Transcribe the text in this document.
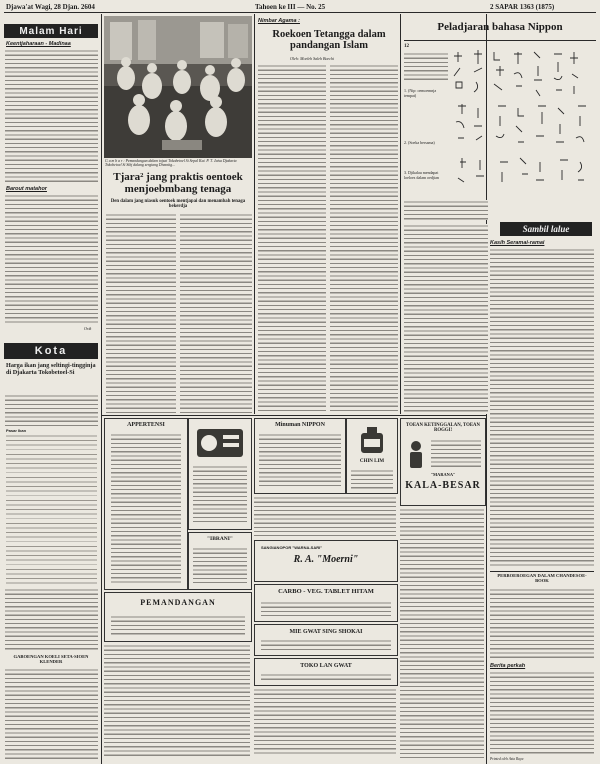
Djawa'at Wagi, 28 Djan. 2604	Tahoen ke III — No. 25	2 SAPAR 1363 (1875)
Malam Hari
Keentjaharaan - Madinaa
Barout matahor
Orik
Kota
Harga ikan jang seltingi-tingginja di Djakarta Tokobetoel-Si
Pasar Ikan
GABOENGAN KOELI SETA-SIOEN KLENDER
G a m b a r : Pemandangan dalam tojsai Tokobetoel Si Sepal Kai. P. T. Jaisa Djakarta Tokobetoel Si Sibj dalang sergiang Divantig...
Tjara² jang praktis oentoek menjoebmbang tenaga
Den dalam jang niasuk oentoek mentjapai dan menambah tenaga bekerdja
Nimbar Agama :
Roekoen Tetangga dalam pandangan Islam
Oleh: Moeleh Saleh Boechi
Peladjaran bahasa Nippon
12
1. (Nip: oemoemnja tempat)
2. (Soeka bersama)
3. Djikalau mendapat loeloes dalam oedjian
Sambil lalue
Kasih Seramai-ramai
PERBOEROEGAN DALAM CHANDESOE-BOOK
Berita perkah
Printed oleh Asia Raya
APPERTENSI
"IBRANI"
PEMANDANGAN
Minuman NIPPON
CHIN LIM
SANGIANOPOR "WARNA-SARI"
R. A. "Moerni"
CARBO - VEG. TABLET HITAM
MIE GWAT SING SHOKAI
TOKO LAN GWAT
TOEAN KETINGGALAN, TOEAN ROGGI!
"MARANA"
KALA-BESAR
